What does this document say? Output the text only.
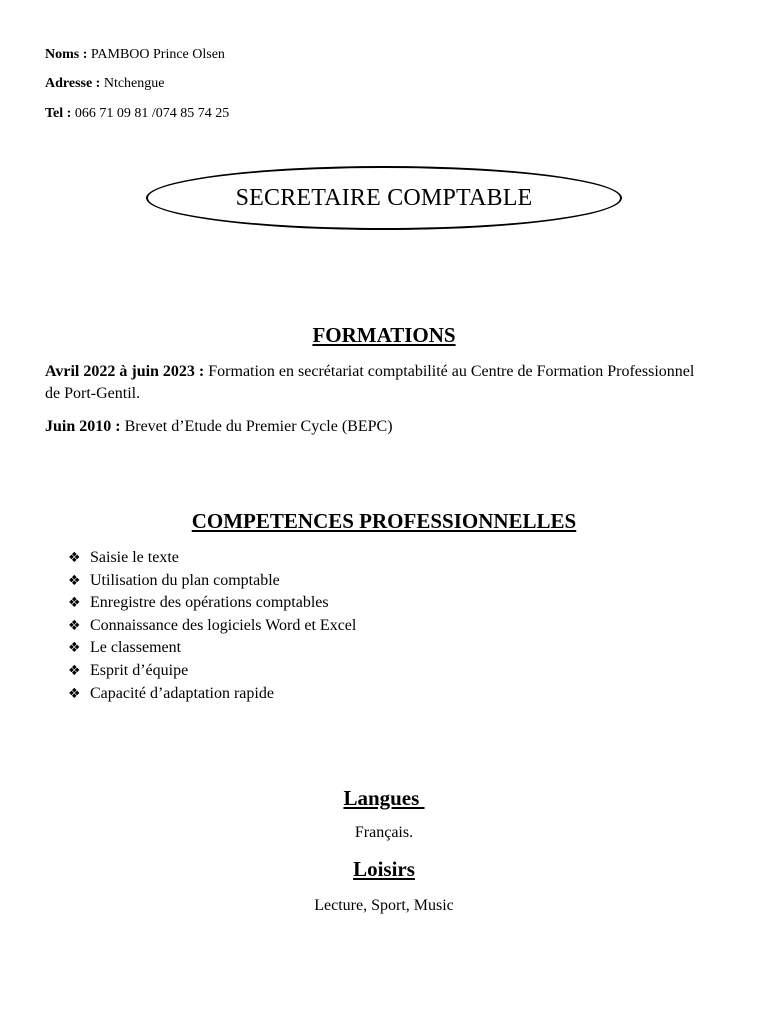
Noms : PAMBOO Prince Olsen
Adresse : Ntchengue
Tel : 066 71 09 81 /074 85 74 25
SECRETAIRE COMPTABLE
FORMATIONS
Avril 2022 à juin 2023 : Formation en secrétariat comptabilité au Centre de Formation Professionnel de Port-Gentil.
Juin 2010 : Brevet d’Etude du Premier Cycle (BEPC)
COMPETENCES PROFESSIONNELLES
❖ Saisie le texte
❖ Utilisation du plan comptable
❖ Enregistre des opérations comptables
❖ Connaissance des logiciels Word et Excel
❖ Le classement
❖ Esprit d’équipe
❖ Capacité d’adaptation rapide
Langues
Français.
Loisirs
Lecture, Sport, Music
